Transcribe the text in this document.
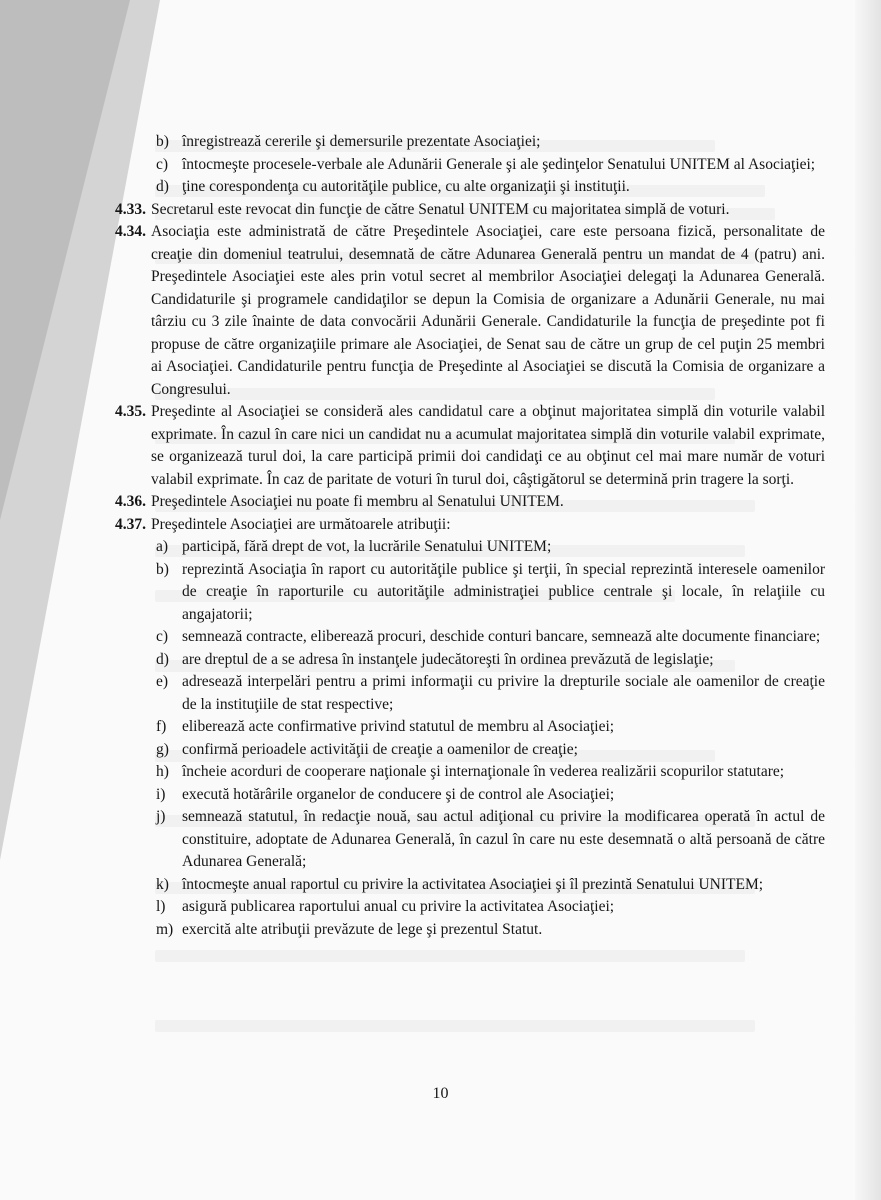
b) înregistrează cererile şi demersurile prezentate Asociaţiei;
c) întocmeşte procesele-verbale ale Adunării Generale şi ale şedinţelor Senatului UNITEM al Asociaţiei;
d) ţine corespondenţa cu autorităţile publice, cu alte organizaţii şi instituţii.
4.33. Secretarul este revocat din funcţie de către Senatul UNITEM cu majoritatea simplă de voturi.
4.34. Asociaţia este administrată de către Preşedintele Asociaţiei, care este persoana fizică, personalitate de creaţie din domeniul teatrului, desemnată de către Adunarea Generală pentru un mandat de 4 (patru) ani. Preşedintele Asociaţiei este ales prin votul secret al membrilor Asociaţiei delegaţi la Adunarea Generală. Candidaturile şi programele candidaţilor se depun la Comisia de organizare a Adunării Generale, nu mai târziu cu 3 zile înainte de data convocării Adunării Generale. Candidaturile la funcţia de preşedinte pot fi propuse de către organizaţiile primare ale Asociaţiei, de Senat sau de către un grup de cel puţin 25 membri ai Asociaţiei. Candidaturile pentru funcţia de Preşedinte al Asociaţiei se discută la Comisia de organizare a Congresului.
4.35. Preşedinte al Asociaţiei se consideră ales candidatul care a obţinut majoritatea simplă din voturile valabil exprimate. În cazul în care nici un candidat nu a acumulat majoritatea simplă din voturile valabil exprimate, se organizează turul doi, la care participă primii doi candidaţi ce au obţinut cel mai mare număr de voturi valabil exprimate. În caz de paritate de voturi în turul doi, câştigătorul se determină prin tragere la sorţi.
4.36. Preşedintele Asociaţiei nu poate fi membru al Senatului UNITEM.
4.37. Preşedintele Asociaţiei are următoarele atribuţii:
a) participă, fără drept de vot, la lucrările Senatului UNITEM;
b) reprezintă Asociaţia în raport cu autorităţile publice şi terţii, în special reprezintă interesele oamenilor de creaţie în raporturile cu autorităţile administraţiei publice centrale şi locale, în relaţiile cu angajatorii;
c) semnează contracte, eliberează procuri, deschide conturi bancare, semnează alte documente financiare;
d) are dreptul de a se adresa în instanţele judecătoreşti în ordinea prevăzută de legislaţie;
e) adresează interpelări pentru a primi informaţii cu privire la drepturile sociale ale oamenilor de creaţie de la instituţiile de stat respective;
f)	eliberează acte confirmative privind statutul de membru al Asociaţiei;
g) confirmă perioadele activităţii de creaţie a oamenilor de creaţie;
h) încheie acorduri de cooperare naţionale şi internaţionale în vederea realizării scopurilor statutare;
i)	execută hotărârile organelor de conducere şi de control ale Asociaţiei;
j)	semnează statutul, în redacţie nouă, sau actul adiţional cu privire la modificarea operată în actul de constituire, adoptate de Adunarea Generală, în cazul în care nu este desemnată o altă persoană de către Adunarea Generală;
k) întocmeşte anual raportul cu privire la activitatea Asociaţiei şi îl prezintă Senatului UNITEM;
l)	asigură publicarea raportului anual cu privire la activitatea Asociaţiei;
m) exercită alte atribuţii prevăzute de lege şi prezentul Statut.
10
